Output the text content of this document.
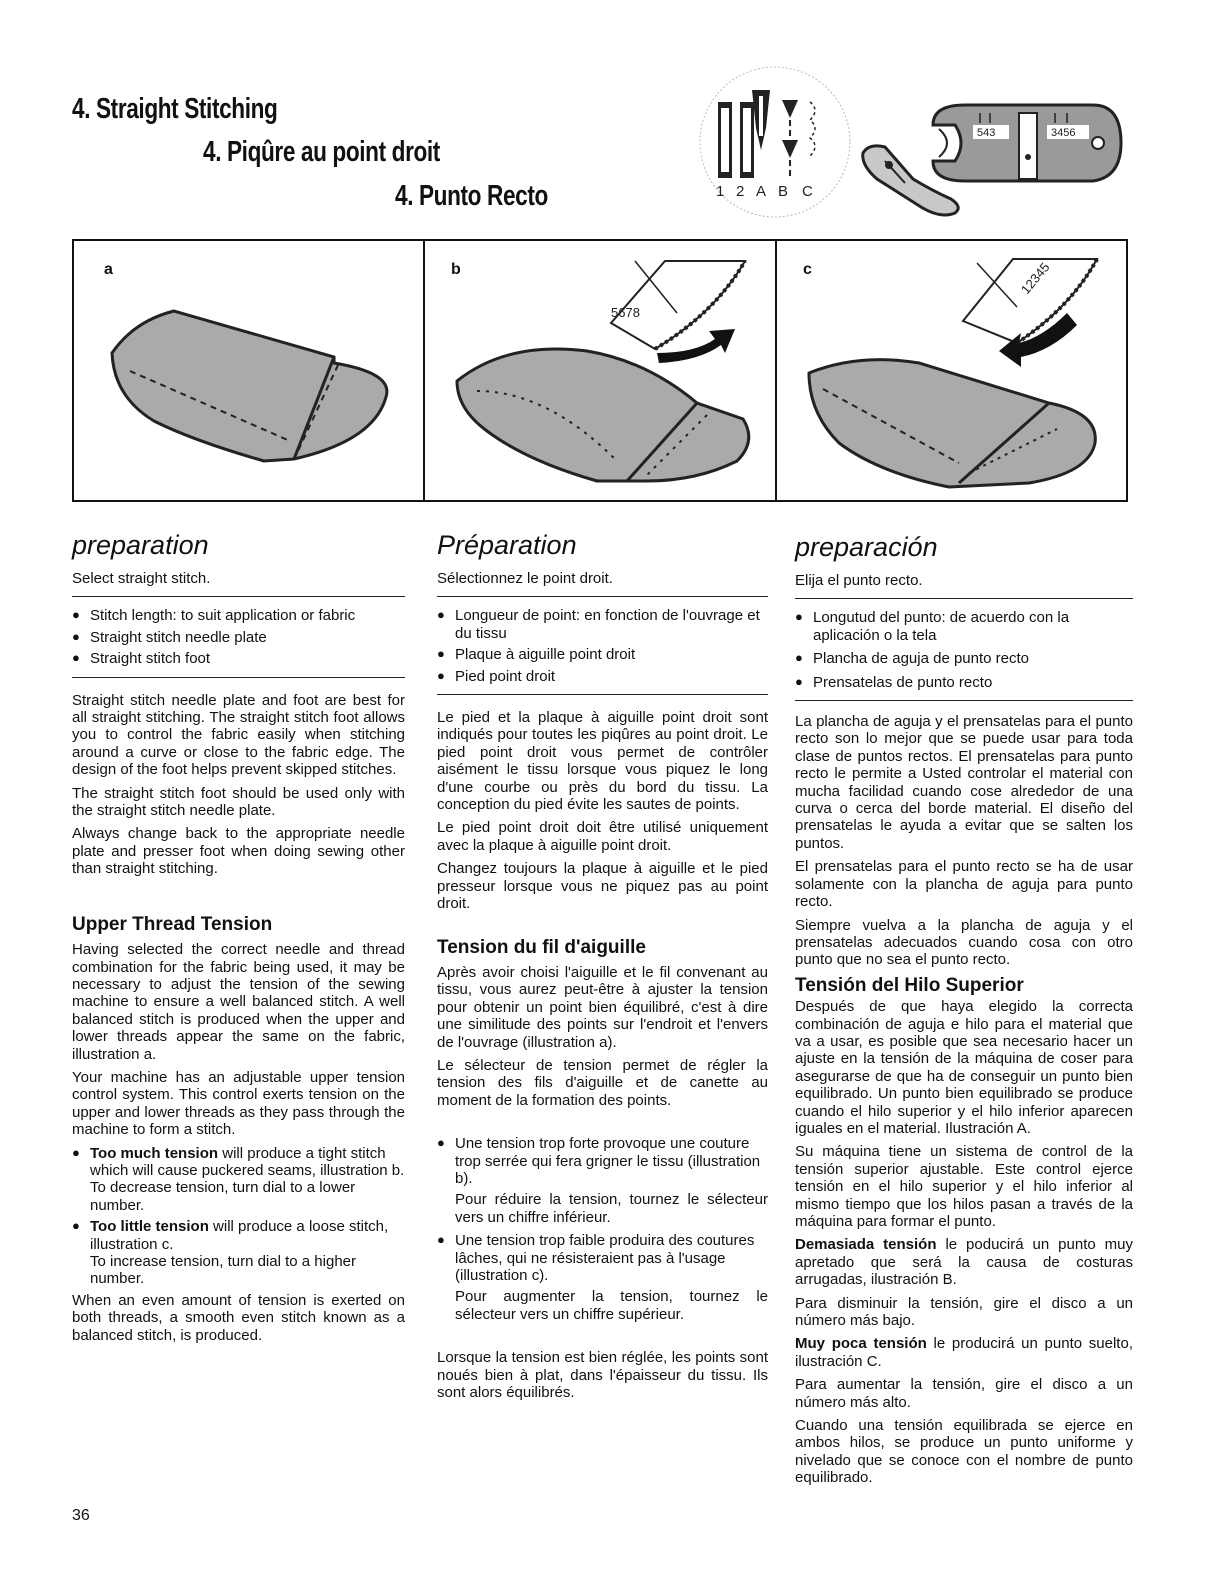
4. Straight Stitching
4. Piqûre au point droit
4. Punto Recto	1 2 A B C
543	3456
a	b
5678
c	12345
preparation

Select straight stitch.

● Stitch length: to suit application or fabric
● Straight stitch needle plate
● Straight stitch foot

Straight stitch needle plate and foot are best for all straight stitching. The straight stitch foot allows you to control the fabric easily when stitching around a curve or close to the fabric edge. The design of the foot helps prevent skipped stitches.

The straight stitch foot should be used only with the straight stitch needle plate.

Always change back to the appropriate needle plate and presser foot when doing sewing other than straight stitching.

Upper Thread Tension

Having selected the correct needle and thread combination for the fabric being used, it may be necessary to adjust the tension of the sewing machine to ensure a well balanced stitch. A well balanced stitch is produced when the upper and lower threads appear the same on the fabric, illustration a.

Your machine has an adjustable upper tension control system. This control exerts tension on the upper and lower threads as they pass through the machine to form a stitch.

● Too much tension will produce a tight stitch which will cause puckered seams, illustration b.
To decrease tension, turn dial to a lower number.
● Too little tension will produce a loose stitch, illustration c.
To increase tension, turn dial to a higher number.

When an even amount of tension is exerted on both threads, a smooth even stitch known as a balanced stitch, is produced.

Préparation

Sélectionnez le point droit.

● Longueur de point: en fonction de l'ouvrage et du tissu
● Plaque à aiguille point droit
● Pied point droit

Le pied et la plaque à aiguille point droit sont indiqués pour toutes les piqûres au point droit. Le pied point droit vous permet de contrôler aisément le tissu lorsque vous piquez le long d'une courbe ou près du bord du tissu. La conception du pied évite les sautes de points.

Le pied point droit doit être utilisé uniquement avec la plaque à aiguille point droit.

Changez toujours la plaque à aiguille et le pied presseur lorsque vous ne piquez pas au point droit.

Tension du fil d'aiguille

Après avoir choisi l'aiguille et le fil convenant au tissu, vous aurez peut-être à ajuster la tension pour obtenir un point bien équilibré, c'est à dire une similitude des points sur l'endroit et l'envers de l'ouvrage (illustration a).

Le sélecteur de tension permet de régler la tension des fils d'aiguille et de canette au moment de la formation des points.

● Une tension trop forte provoque une couture trop serrée qui fera grigner le tissu (illustration b).

Pour réduire la tension, tournez le sélecteur vers un chiffre inférieur.

● Une tension trop faible produira des coutures lâches, qui ne résisteraient pas à l'usage (illustration c).

Pour augmenter la tension, tournez le sélecteur vers un chiffre supérieur.

Lorsque la tension est bien réglée, les points sont noués bien à plat, dans l'épaisseur du tissu. Ils sont alors équilibrés.

preparación

Elija el punto recto.

● Longutud del punto: de acuerdo con la aplicación o la tela
● Plancha de aguja de punto recto
● Prensatelas de punto recto

La plancha de aguja y el prensatelas para el punto recto son lo mejor que se puede usar para toda clase de puntos rectos. El prensatelas para punto recto le permite a Usted controlar el material con mucha facilidad cuando cose alrededor de una curva o cerca del borde material. El diseño del prensatelas le ayuda a evitar que se salten los puntos.

El prensatelas para el punto recto se ha de usar solamente con la plancha de aguja para punto recto.

Siempre vuelva a la plancha de aguja y el prensatelas adecuados cuando cosa con otro punto que no sea el punto recto.

Tensión del Hilo Superior

Después de que haya elegido la correcta combinación de aguja e hilo para el material que va a usar, es posible que sea necesario hacer un ajuste en la tensión de la máquina de coser para asegurarse de que ha de conseguir un punto bien equilibrado. Un punto bien equilibrado se produce cuando el hilo superior y el hilo inferior aparecen iguales en el material. Ilustración A.

Su máquina tiene un sistema de control de la tensión superior ajustable. Este control ejerce tensión en el hilo superior y el hilo inferior al mismo tiempo que los hilos pasan a través de la máquina para formar el punto.

Demasiada tensión le poducirá un punto muy apretado que será la causa de costuras arrugadas, ilustración B.

Para disminuir la tensión, gire el disco a un número más bajo.

Muy poca tensión le producirá un punto suelto, ilustración C.

Para aumentar la tensión, gire el disco a un número más alto.

Cuando una tensión equilibrada se ejerce en ambos hilos, se produce un punto uniforme y nivelado que se conoce con el nombre de punto equilibrado.

36
